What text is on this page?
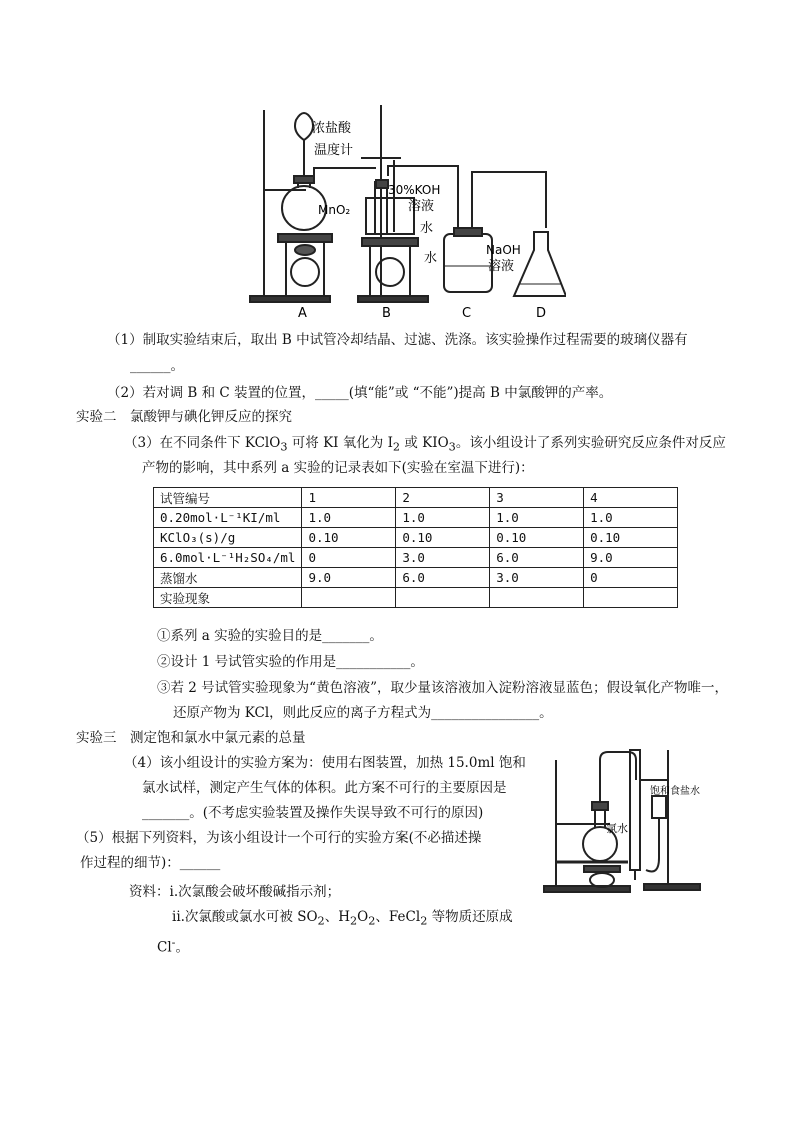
浓盐酸
温度计
30%KOH
溶液
MnO₂
水
水
NaOH
溶液
A	B	C	D
（1）制取实验结束后，取出 B 中试管冷却结晶、过滤、洗涤。该实验操作过程需要的玻璃仪器有
______。
（2）若对调 B 和 C 装置的位置，_____(填“能”或 “不能”)提高 B 中氯酸钾的产率。
实验二　氯酸钾与碘化钾反应的探究
（3）在不同条件下 KClO$_3$ 可将 KI 氧化为 $I_2$ 或 $KIO_3$。该小组设计了系列实验研究反应条件对反应
产物的影响，其中系列 a 实验的记录表如下(实验在室温下进行)：
试管编号	1	2	3	4
0.20mol·L⁻¹KI/ml	1.0	1.0	1.0	1.0
KClO₃(s)/g	0.10	0.10	0.10	0.10
6.0mol·L⁻¹H₂SO₄/ml	0	3.0	6.0	9.0
蒸馏水	9.0	6.0	3.0	0
实验现象				
①系列 a 实验的实验目的是_______。
②设计 1 号试管实验的作用是___________。
③若 2 号试管实验现象为“黄色溶液”，取少量该溶液加入淀粉溶液显蓝色；假设氧化产物唯一，
还原产物为 KCl，则此反应的离子方程式为________________。
实验三　测定饱和氯水中氯元素的总量
（4）该小组设计的实验方案为：使用右图装置，加热 15.0ml 饱和
氯水试样，测定产生气体的体积。此方案不可行的主要原因是
_______。(不考虑实验装置及操作失误导致不可行的原因)
（5）根据下列资料，为该小组设计一个可行的实验方案(不必描述操
作过程的细节)：______
资料：i.次氯酸会破坏酸碱指示剂；
ii.次氯酸或氯水可被 $SO_2$、$H_2O_2$、FeCl$_2$ 等物质还原成
Cl-。
氯水
饱和食盐水
